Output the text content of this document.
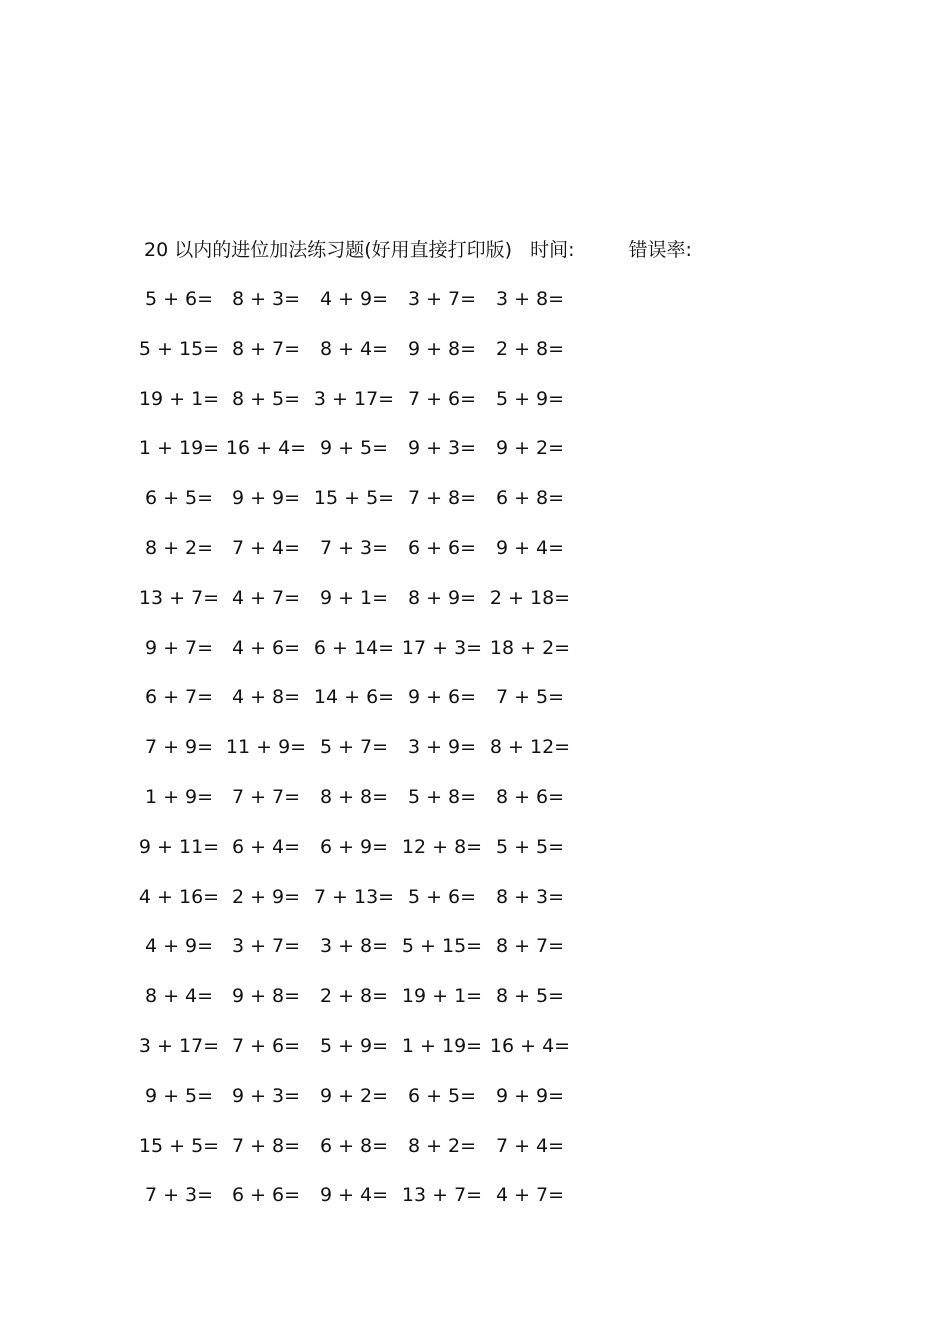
20 以内的进位加法练习题(好用直接打印版) 时间:	错误率:
5 + 6= 8 + 3=	4 + 9=	3 + 7=	3 + 8=
5 + 15= 8 + 7=	8 + 4=	9 + 8=	2 + 8=
19 + 1= 8 + 5= 3 + 17= 7 + 6=	5 + 9=
1 + 19= 16 + 4= 9 + 5=	9 + 3=	9 + 2=
6 + 5= 9 + 9= 15 + 5= 7 + 8=	6 + 8=
8 + 2= 7 + 4=	7 + 3=	6 + 6=	9 + 4=
13 + 7= 4 + 7=	9 + 1=	8 + 9= 2 + 18=
9 + 7= 4 + 6= 6 + 14= 17 + 3= 18 + 2=
6 + 7= 4 + 8= 14 + 6= 9 + 6=	7 + 5=
7 + 9= 11 + 9= 5 + 7=	3 + 9= 8 + 12=
1 + 9= 7 + 7=	8 + 8=	5 + 8=	8 + 6=
9 + 11= 6 + 4=	6 + 9= 12 + 8= 5 + 5=
4 + 16= 2 + 9= 7 + 13= 5 + 6=	8 + 3=
4 + 9= 3 + 7=	3 + 8= 5 + 15= 8 + 7=
8 + 4= 9 + 8=	2 + 8= 19 + 1= 8 + 5=
3 + 17= 7 + 6=	5 + 9= 1 + 19= 16 + 4=
9 + 5= 9 + 3=	9 + 2=	6 + 5=	9 + 9=
15 + 5= 7 + 8=	6 + 8=	8 + 2=	7 + 4=
7 + 3= 6 + 6=	9 + 4= 13 + 7= 4 + 7=
